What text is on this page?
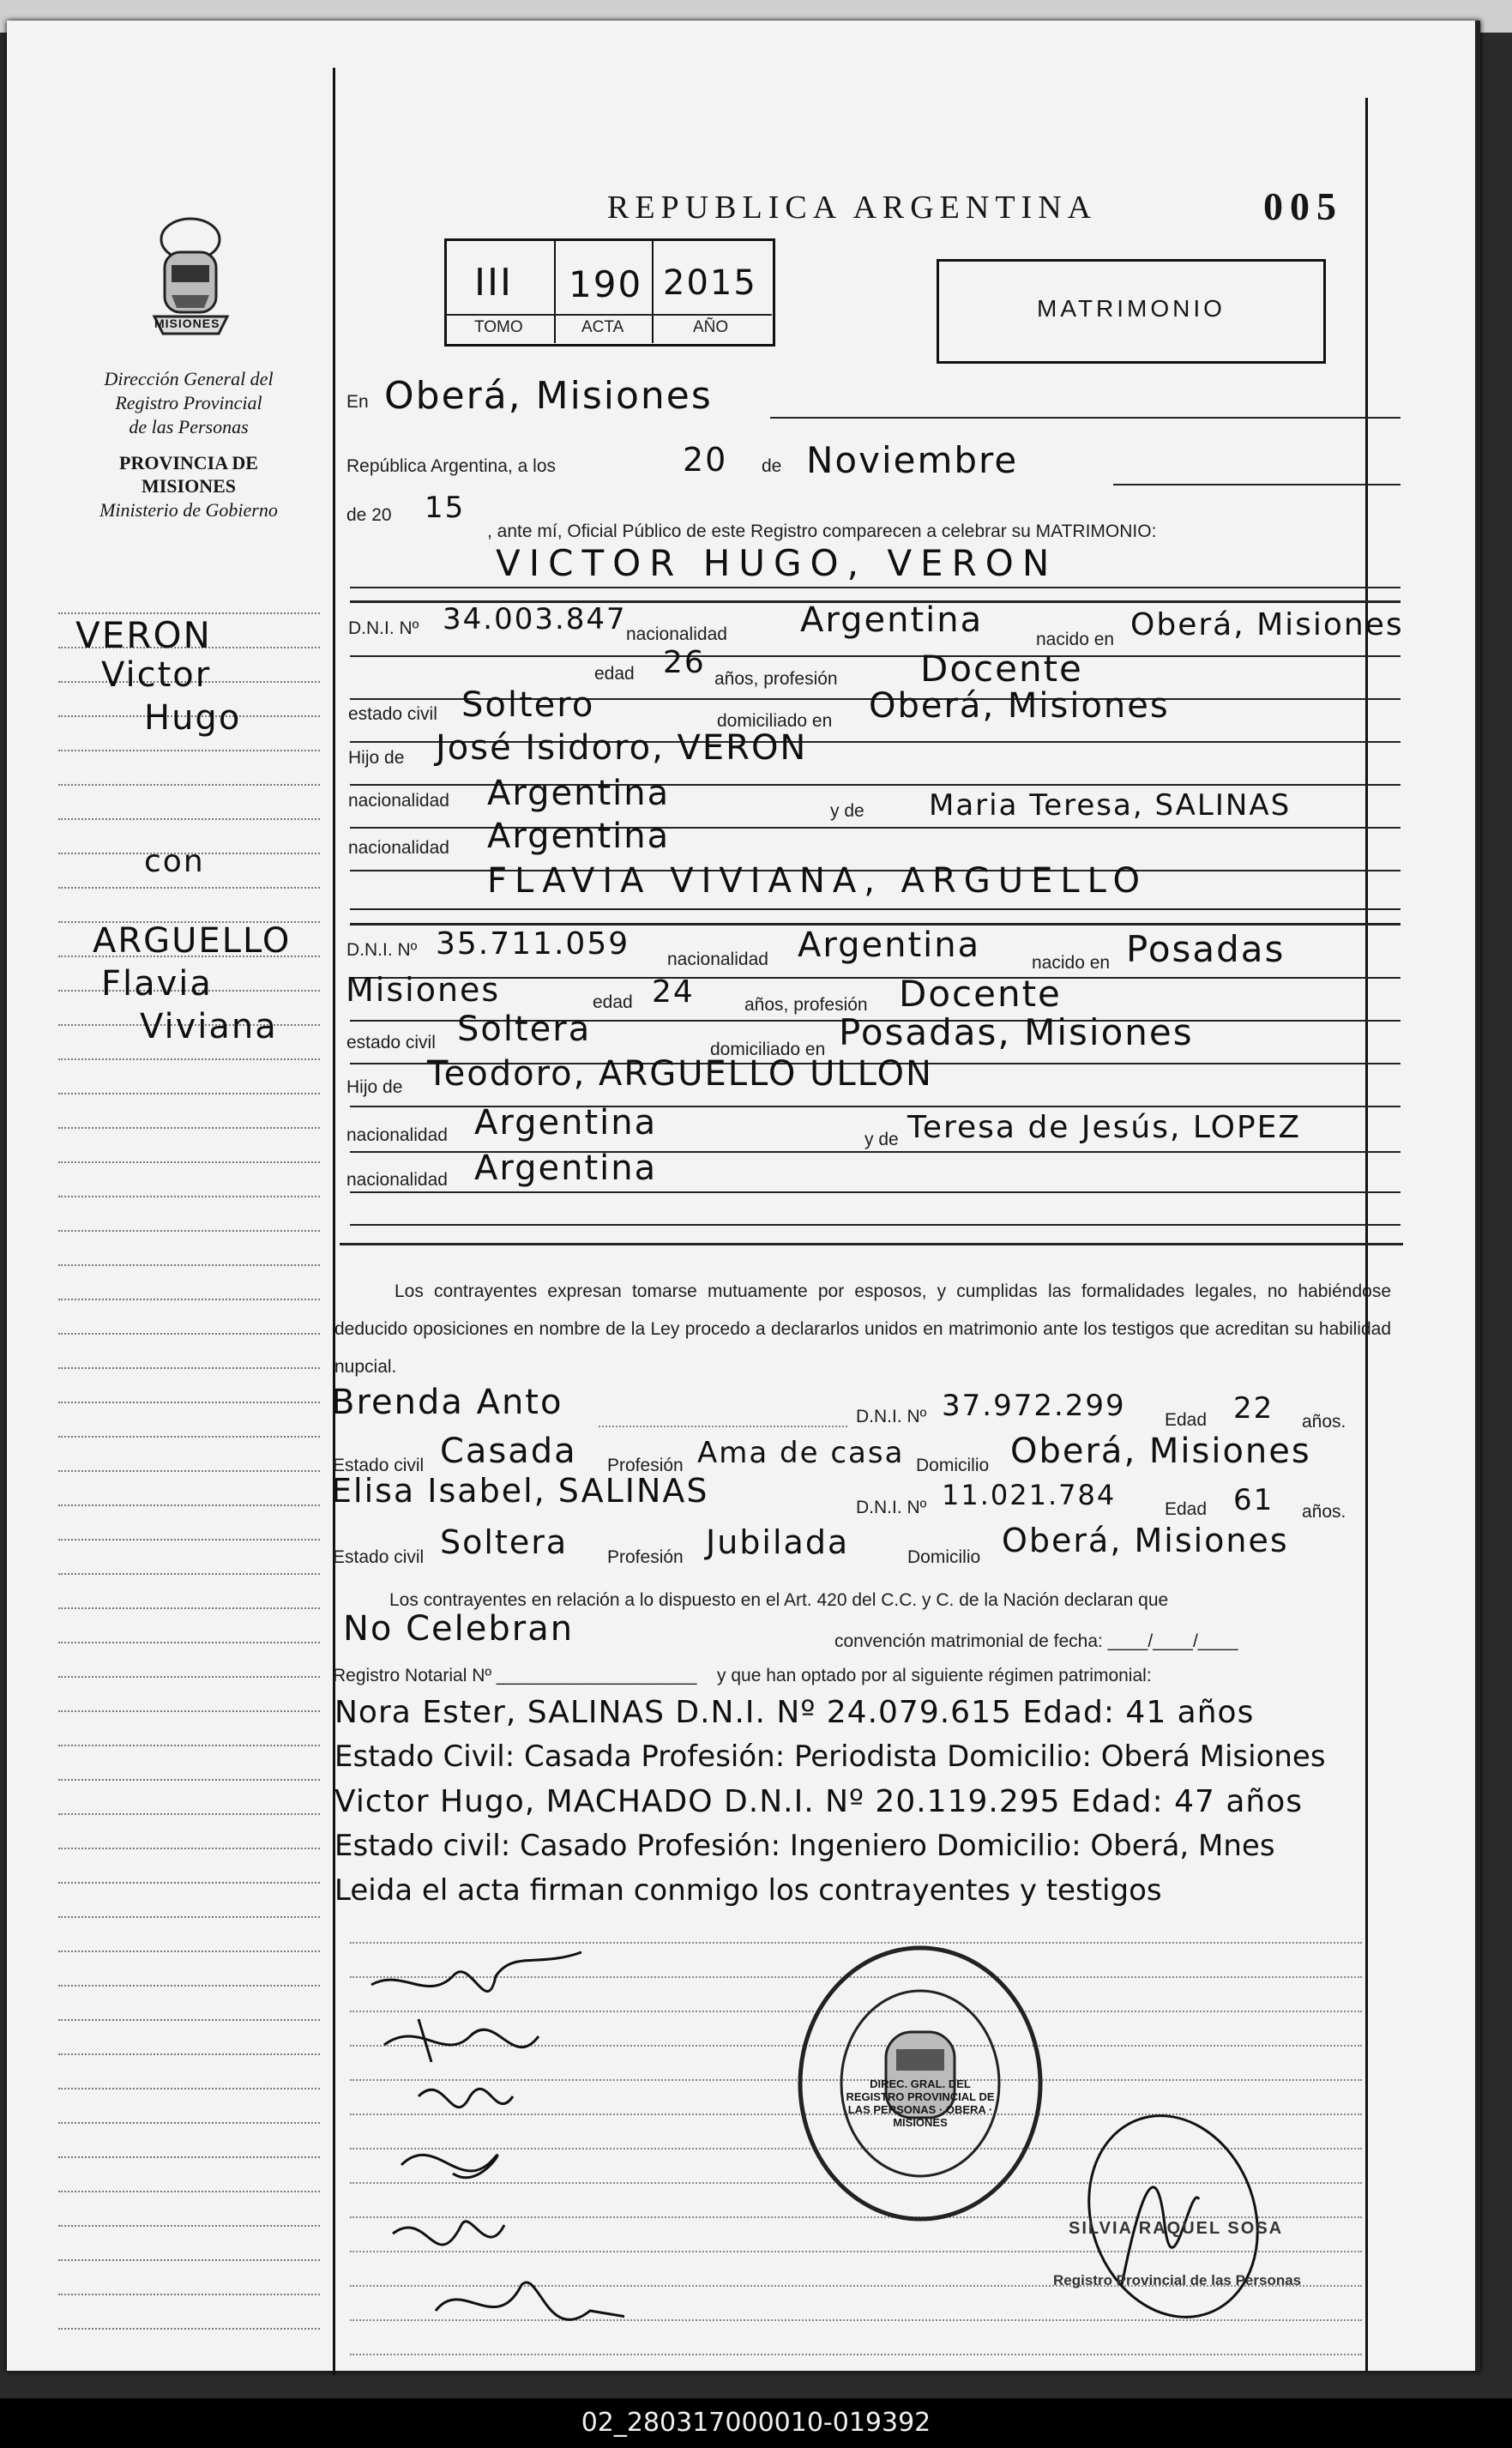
MISIONES
Dirección General del
Registro Provincial
de las Personas
PROVINCIA DE
MISIONES
Ministerio de Gobierno
VERON
Victor
Hugo
con
ARGUELLO
Flavia
Viviana
REPUBLICA ARGENTINA	005
III 190 2015
TOMO	ACTA	AÑO
MATRIMONIO
En Oberá, Misiones
República Argentina, a los	20 de Noviembre
de 20 15
, ante mí, Oficial Público de este Registro comparecen a celebrar su MATRIMONIO:
VICTOR HUGO, VERON
D.N.I. Nº 34.003.847 nacionalidad Argentina	nacido en Oberá, Misiones
edad 26 años, profesión Docente
estado civil Soltero	domiciliado en Oberá, Misiones
Hijo de José Isidoro, VERON
nacionalidad Argentina	y de Maria Teresa, SALINAS
nacionalidad Argentina
FLAVIA VIVIANA, ARGUELLO
D.N.I. Nº 35.711.059 nacionalidad Argentina	nacido en Posadas
Misiones	edad 24	años, profesión Docente
estado civil Soltera
domiciliado en Posadas, Misiones
Hijo de Teodoro, ARGUELLO ULLON
nacionalidad Argentina	y de Teresa de Jesús, LOPEZ
nacionalidad Argentina
Los contrayentes expresan tomarse mutuamente por esposos, y cumplidas las formalidades legales, no habiéndose deducido oposiciones en nombre de la Ley procedo a declararlos unidos en matrimonio ante los testigos que acreditan su habilidad nupcial.
Brenda Anto	D.N.I. Nº 37.972.299 Edad 22 años.
Estado civil Casada Profesión Ama de casa Domicilio Oberá, Misiones
Elisa Isabel, SALINAS	D.N.I. Nº 11.021.784	Edad 61 años.
Estado civil Soltera Profesión Jubilada	Domicilio Oberá, Misiones
Los contrayentes en relación a lo dispuesto en el Art. 420 del C.C. y C. de la Nación declaran que
No Celebran	convención matrimonial de fecha: ____/____/____
Registro Notarial Nº ____________________ y que han optado por al siguiente régimen patrimonial:
Nora Ester, SALINAS D.N.I. Nº 24.079.615 Edad: 41 años
Estado Civil: Casada Profesión: Periodista Domicilio: Oberá Misiones
Victor Hugo, MACHADO D.N.I. Nº 20.119.295 Edad: 47 años
Estado civil: Casado Profesión: Ingeniero Domicilio: Oberá, Mnes
Leida el acta firman conmigo los contrayentes y testigos
DIREC. GRAL. DEL REGISTRO PROVINCIAL DE LAS PERSONAS · OBERA · MISIONES
SILVIA RAQUEL SOSA
Registro Provincial de las Personas
02_280317000010-019392
